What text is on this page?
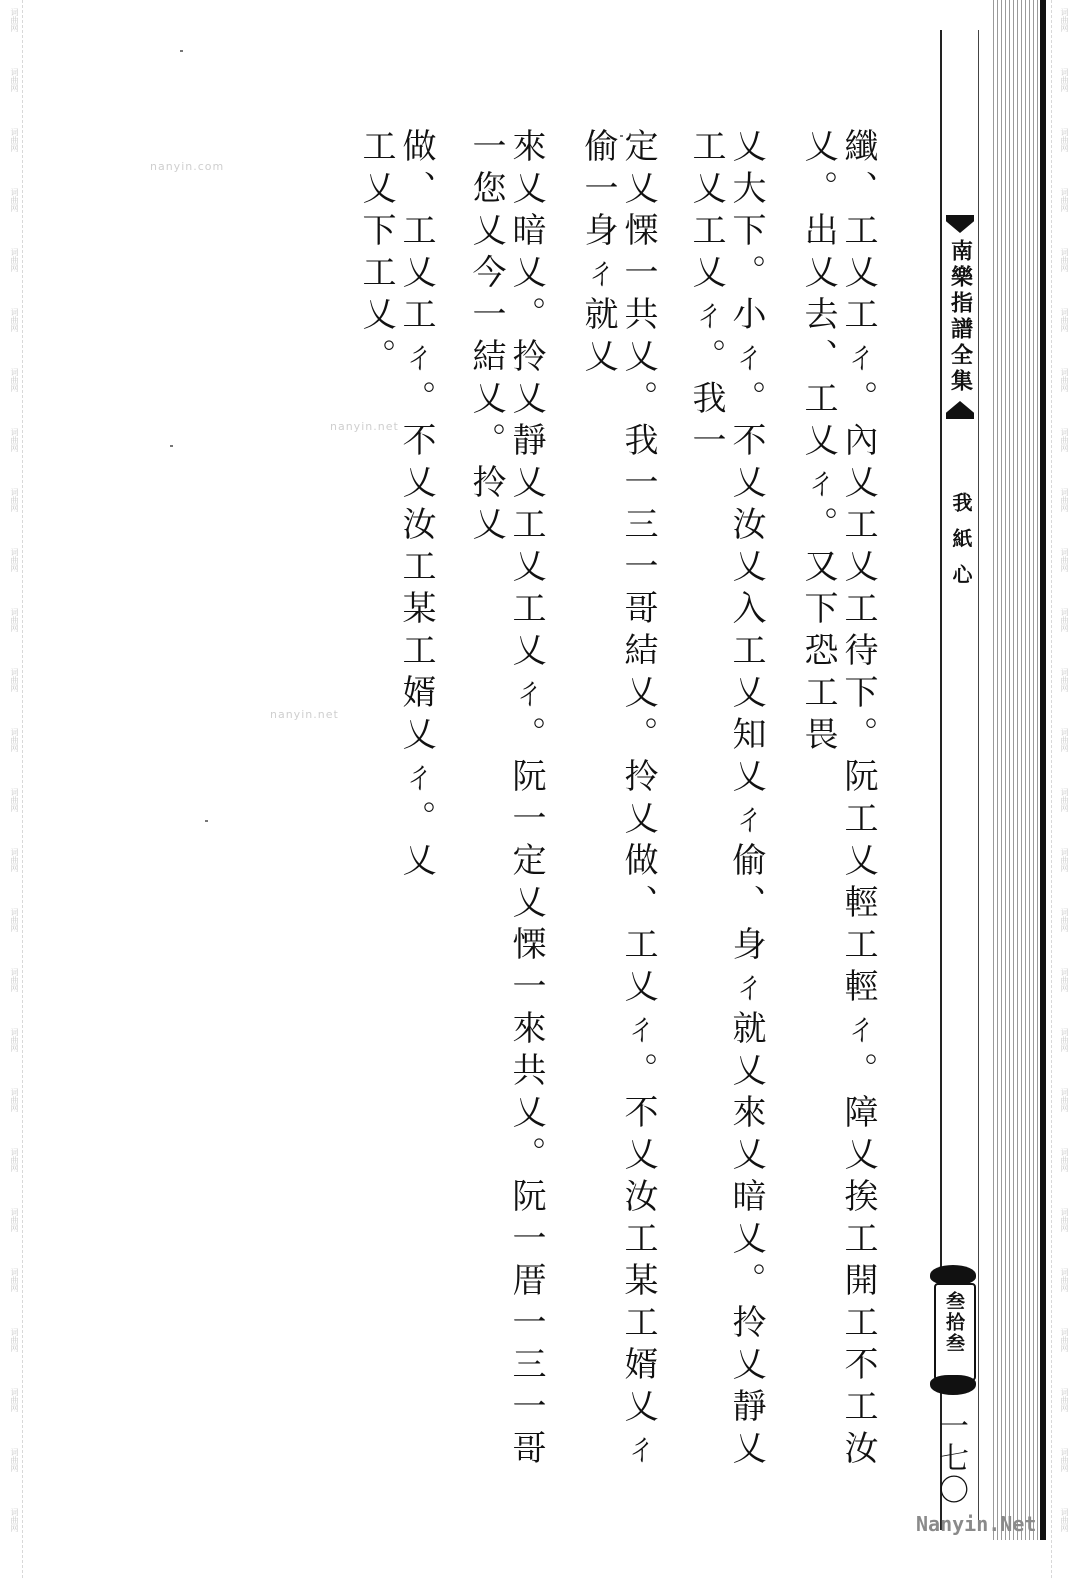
词曲网
词曲网
词曲网
词曲网
词曲网
词曲网
词曲网
词曲网
词曲网
词曲网
词曲网
词曲网
词曲网
词曲网
词曲网
词曲网
词曲网
词曲网
词曲网
词曲网
词曲网
词曲网
词曲网
词曲网
词曲网
词曲网
词曲网
词曲网
词曲网
词曲网
词曲网
词曲网
词曲网
词曲网
词曲网
词曲网
词曲网
词曲网
词曲网
词曲网
词曲网
词曲网
词曲网
词曲网
词曲网
词曲网
词曲网
词曲网
词曲网
词曲网
词曲网
词曲网
南樂指譜全集
我紙心
叁拾叁
一七〇
Nanyin.Net
nanyin.com
nanyin.net
nanyin.net	纖、工乂工ㄔ。內乂工乂工待下。阮工乂輕工輕ㄔ。障乂挨工開工不工汝乂。出乂去、工乂ㄔ。又下恐工畏
乂大下。小ㄔ。不乂汝乂入工乂知乂ㄔ偷、身ㄔ就乂來乂暗乂。拎乂靜乂工乂工乂ㄔ。我一
定乂慄一共乂。我一三一哥結乂。拎乂做、工乂ㄔ。不乂汝工某工婿乂ㄔ偷一身ㄔ就乂
來乂暗乂。拎乂靜乂工乂工乂ㄔ。阮一定乂慄一來共乂。阮一厝一三一哥一您乂今一結乂。拎乂
做、工乂工ㄔ。不乂汝工某工婿乂ㄔ。乂工乂下工乂。
